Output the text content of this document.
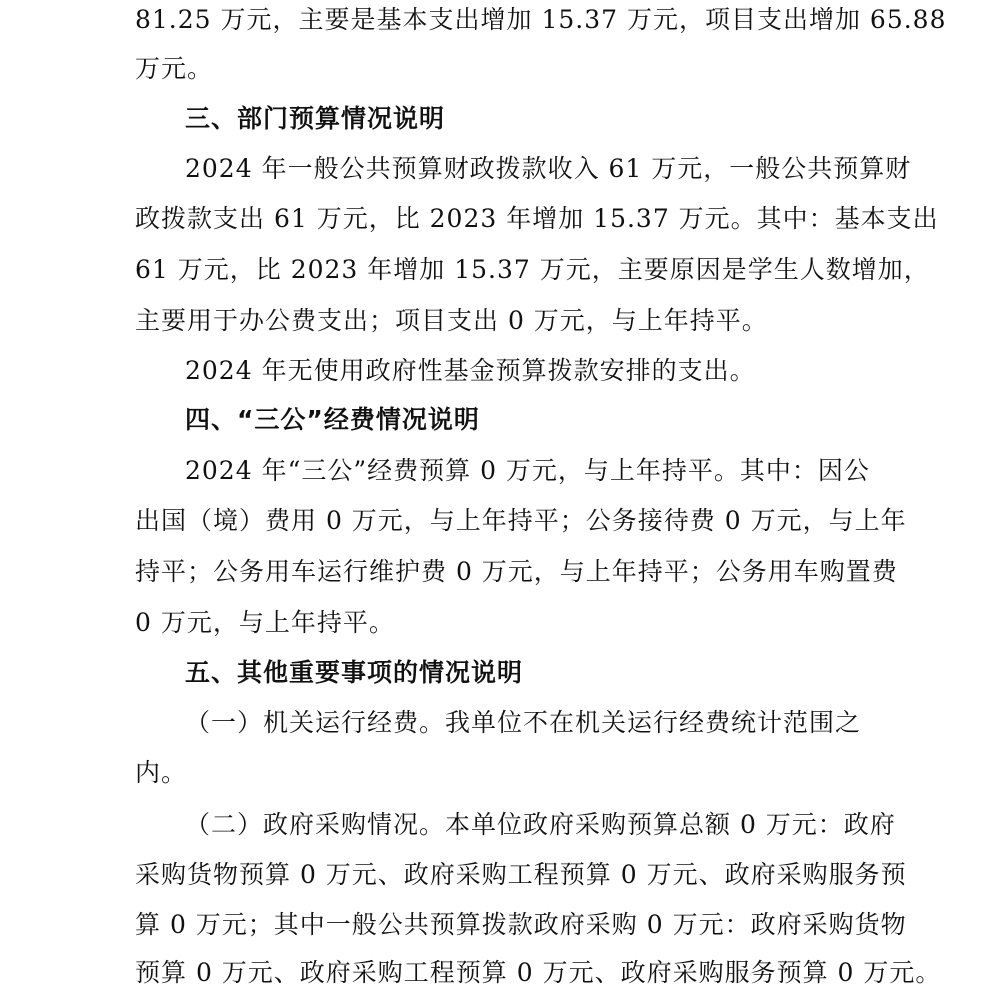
81.25 万元，主要是基本支出增加 15.37 万元，项目支出增加 65.88
万元。
三、部门预算情况说明
2024 年一般公共预算财政拨款收入 61 万元，一般公共预算财
政拨款支出 61 万元，比 2023 年增加 15.37 万元。其中：基本支出
61 万元，比 2023 年增加 15.37 万元，主要原因是学生人数增加，
主要用于办公费支出；项目支出 0 万元，与上年持平。
2024 年无使用政府性基金预算拨款安排的支出。
四、“三公”经费情况说明
2024 年“三公”经费预算 0 万元，与上年持平。其中：因公
出国（境）费用 0 万元，与上年持平；公务接待费 0 万元，与上年
持平；公务用车运行维护费 0 万元，与上年持平；公务用车购置费
0 万元，与上年持平。
五、其他重要事项的情况说明
（一）机关运行经费。我单位不在机关运行经费统计范围之
内。
（二）政府采购情况。本单位政府采购预算总额 0 万元：政府
采购货物预算 0 万元、政府采购工程预算 0 万元、政府采购服务预
算 0 万元；其中一般公共预算拨款政府采购 0 万元：政府采购货物
预算 0 万元、政府采购工程预算 0 万元、政府采购服务预算 0 万元。
